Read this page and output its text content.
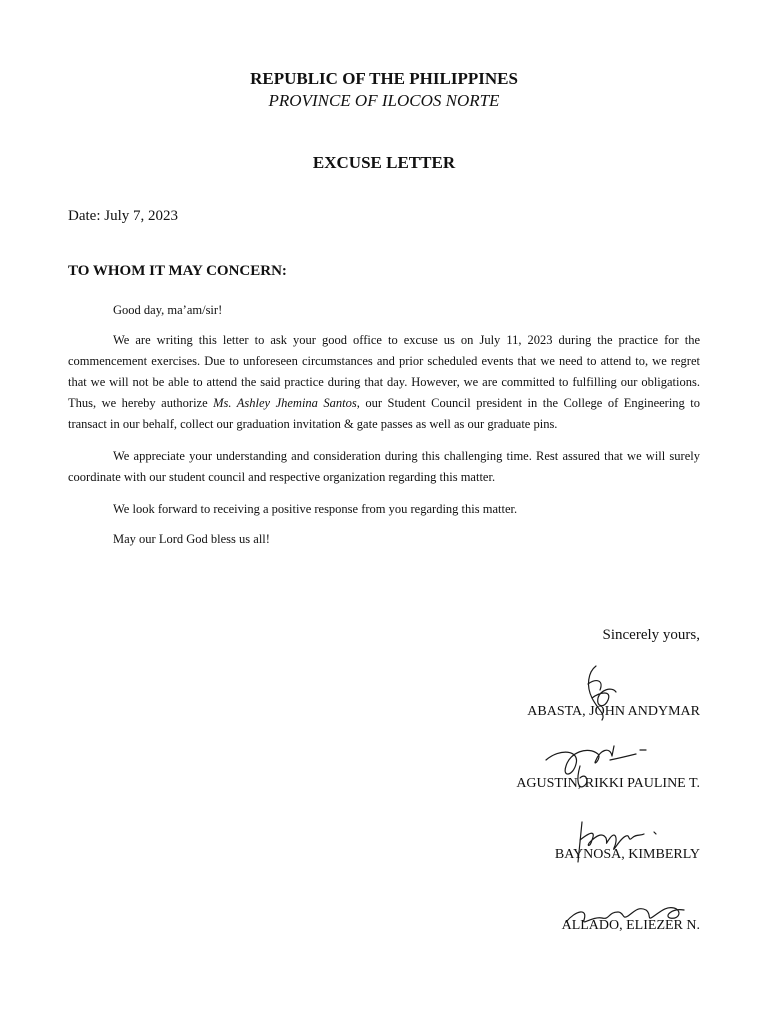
REPUBLIC OF THE PHILIPPINES
PROVINCE OF ILOCOS NORTE
EXCUSE LETTER
Date: July 7, 2023
TO WHOM IT MAY CONCERN:

Good day, ma’am/sir!

We are writing this letter to ask your good office to excuse us on July 11, 2023 during the practice for the commencement exercises. Due to unforeseen circumstances and prior scheduled events that we need to attend to, we regret that we will not be able to attend the said practice during that day. However, we are committed to fulfilling our obligations. Thus, we hereby authorize Ms. Ashley Jhemina Santos, our Student Council president in the College of Engineering to transact in our behalf, collect our graduation invitation & gate passes as well as our graduate pins.

We appreciate your understanding and consideration during this challenging time. Rest assured that we will surely coordinate with our student council and respective organization regarding this matter.

We look forward to receiving a positive response from you regarding this matter.

May our Lord God bless us all!

Sincerely yours,
ABASTA, JOHN ANDYMAR
AGUSTIN, RIKKI PAULINE T.
BAYNOSA, KIMBERLY
ALLADO, ELIEZER N.
